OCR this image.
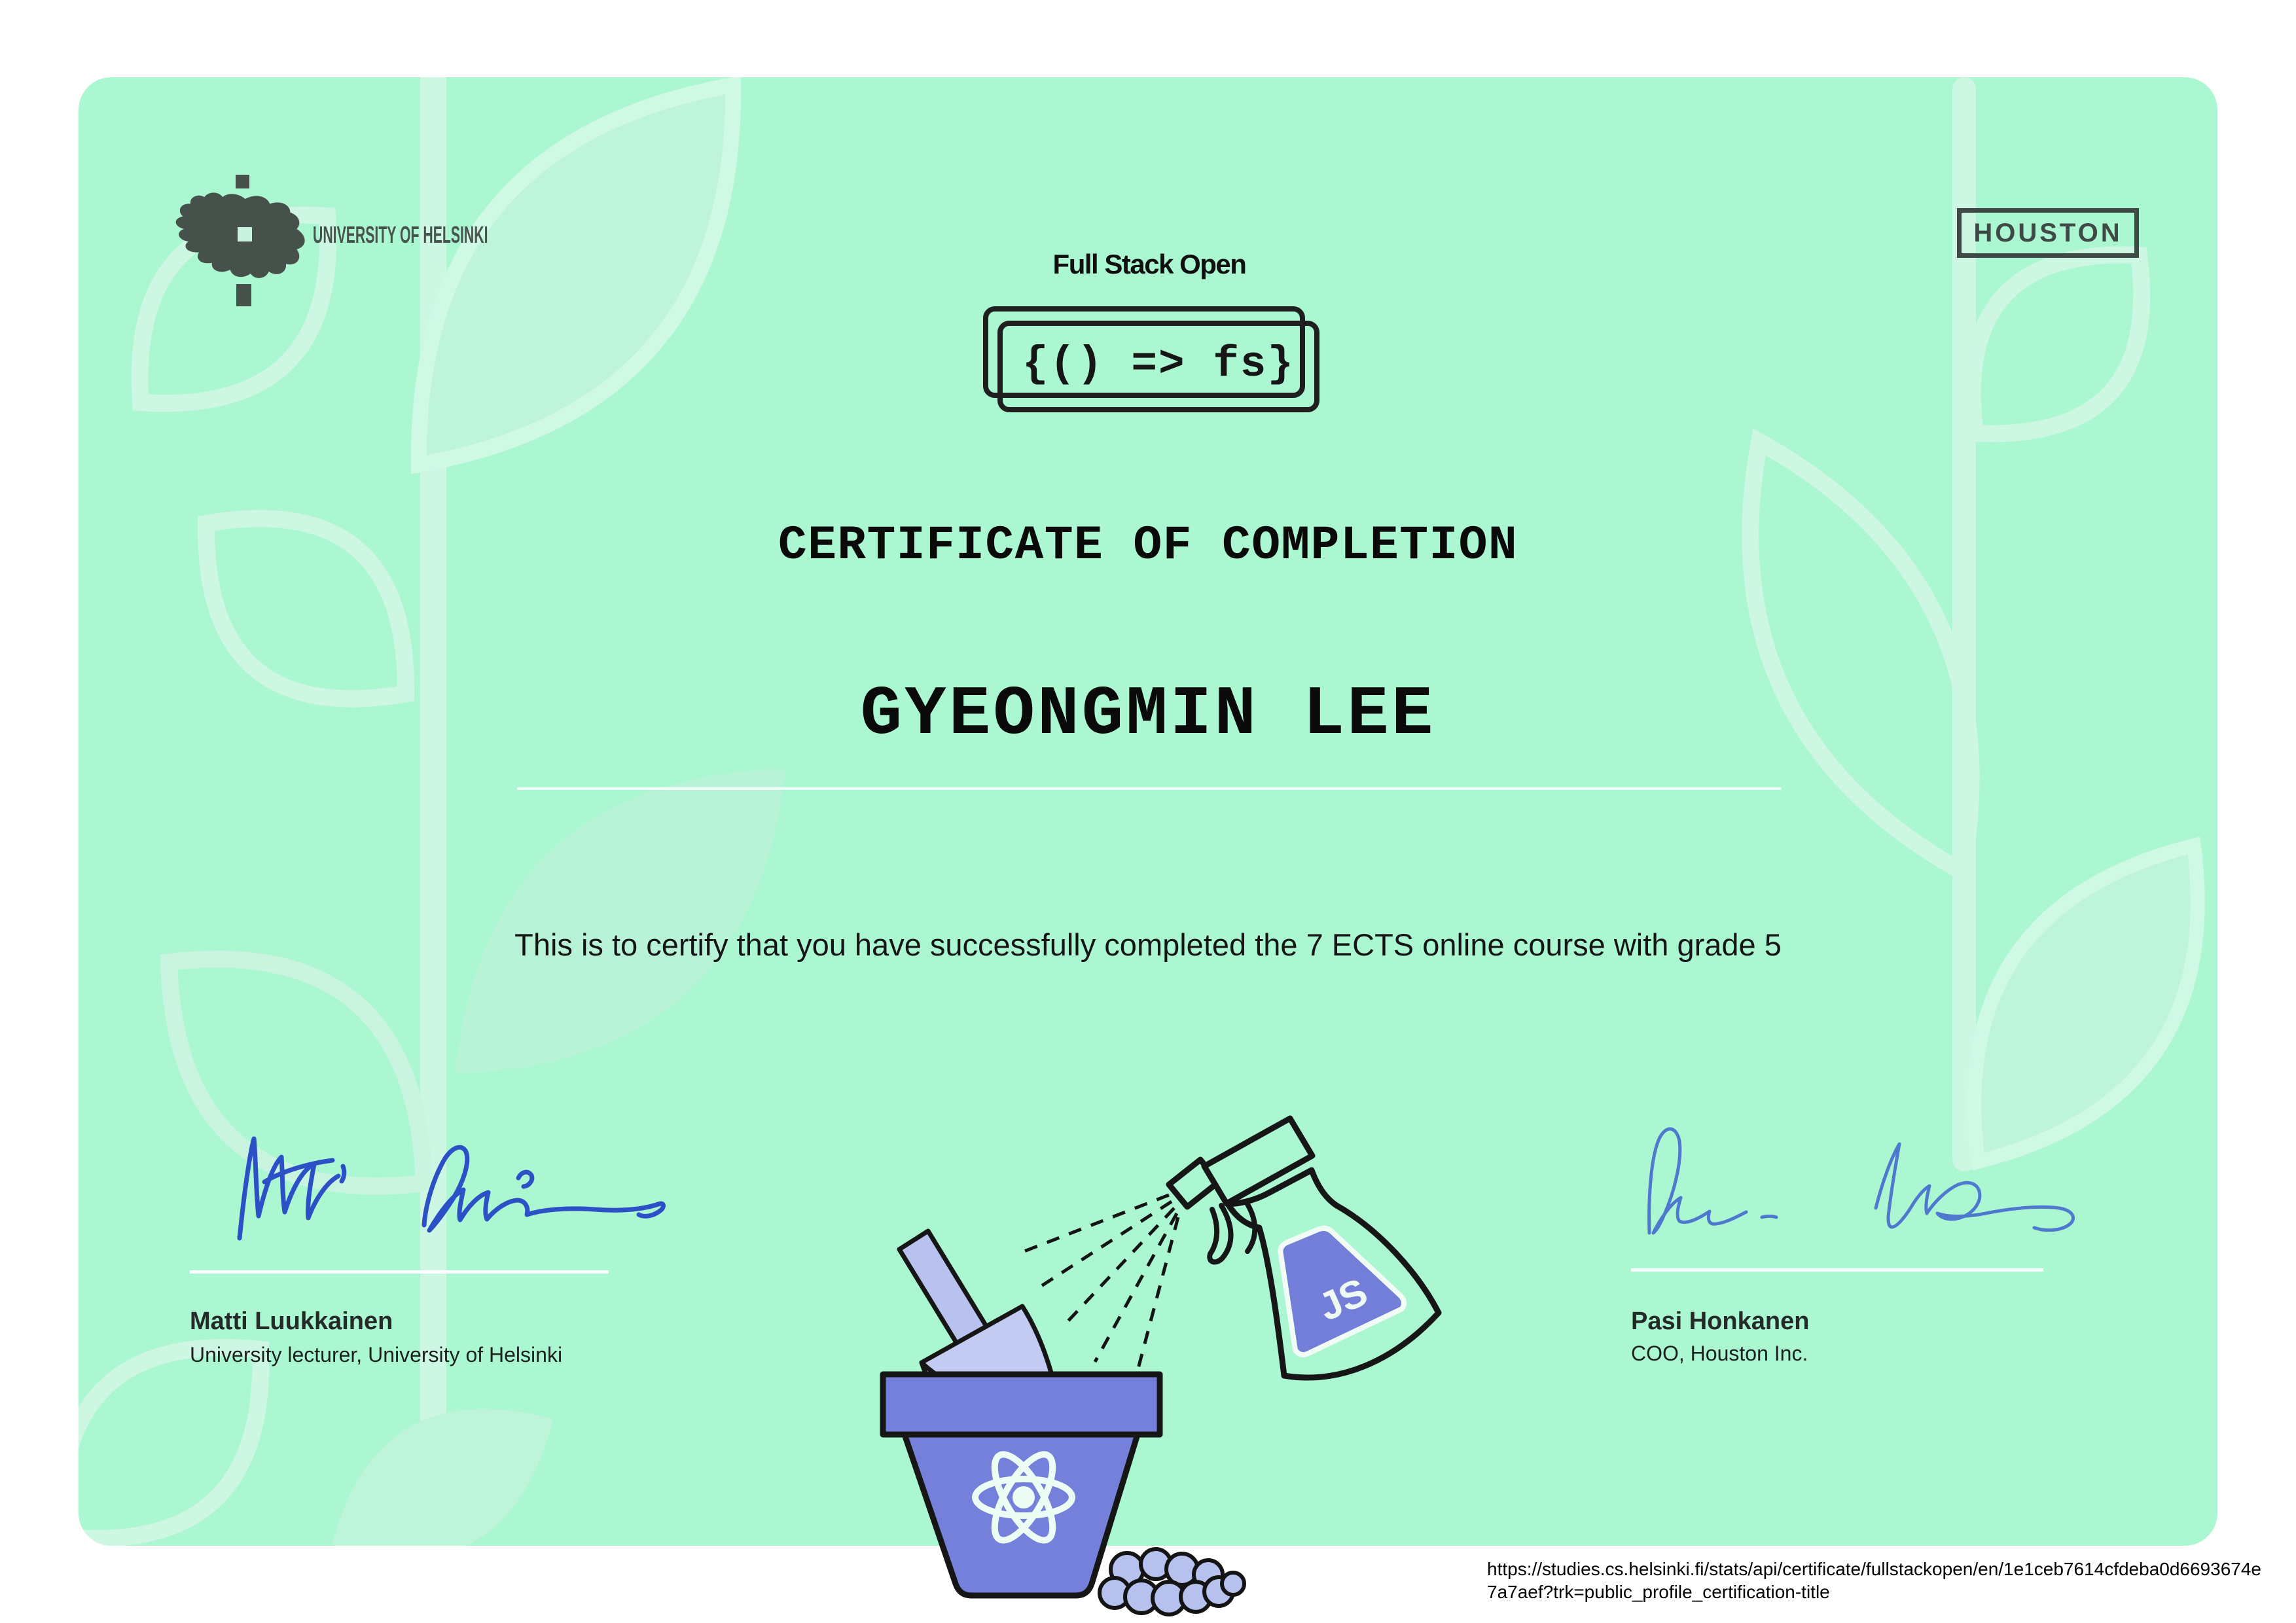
UNIVERSITY OF HELSINKI	HOUSTON
Full Stack Open
{() => fs}
CERTIFICATE OF COMPLETION
GYEONGMIN LEE
This is to certify that you have successfully completed the 7 ECTS online course with grade 5
Matti Luukkainen
University lecturer, University of Helsinki
Pasi Honkanen
COO, Houston Inc.
JS
https://studies.cs.helsinki.fi/stats/api/certificate/fullstackopen/en/1e1ceb7614cfdeba0d6693674e7a7aef?trk=public_profile_certification-title
